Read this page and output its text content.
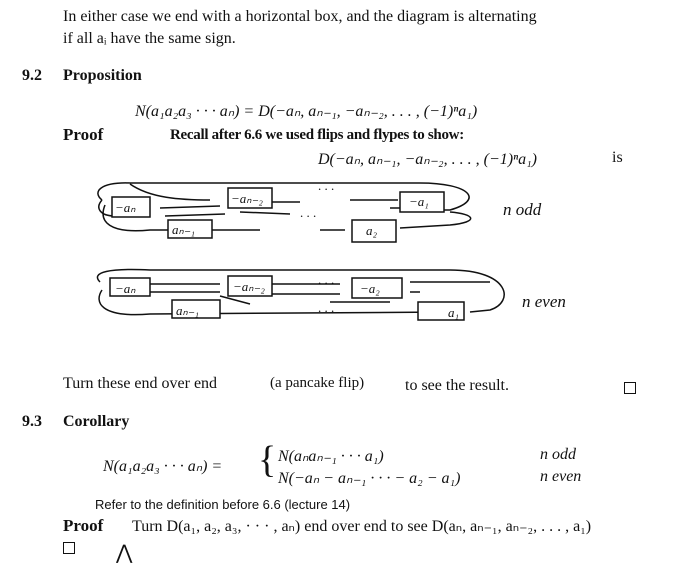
In either case we end with a horizontal box, and the diagram is alternating
if all aᵢ have the same sign.
9.2 Proposition
N(a₁a₂a₃ · · · aₙ) = D(−aₙ, aₙ₋₁, −aₙ₋₂, . . . , (−1)ⁿa₁)
Proof	Recall after 6.6 we used flips and flypes to show:
D(−aₙ, aₙ₋₁, −aₙ₋₂, . . . , (−1)ⁿa₁)	is
−aₙ
aₙ₋₁
−aₙ₋₂	−a₁
a₂
. . .
. . .	n odd
−aₙ
aₙ₋₁
−aₙ₋₂	−a₂
a₁
. . .
. . .	n even
Turn these end over end	(a pancake flip)	to see the result.
9.3 Corollary
N(a₁a₂a₃ · · · aₙ) = { N(aₙaₙ₋₁ · · · a₁)	n odd
N(−aₙ − aₙ₋₁ · · · − a₂ − a₁)	n even
Refer to the definition before 6.6 (lecture 14)
Proof Turn D(a₁, a₂, a₃, · · · , aₙ) end over end to see D(aₙ, aₙ₋₁, aₙ₋₂, . . . , a₁)
⋀
